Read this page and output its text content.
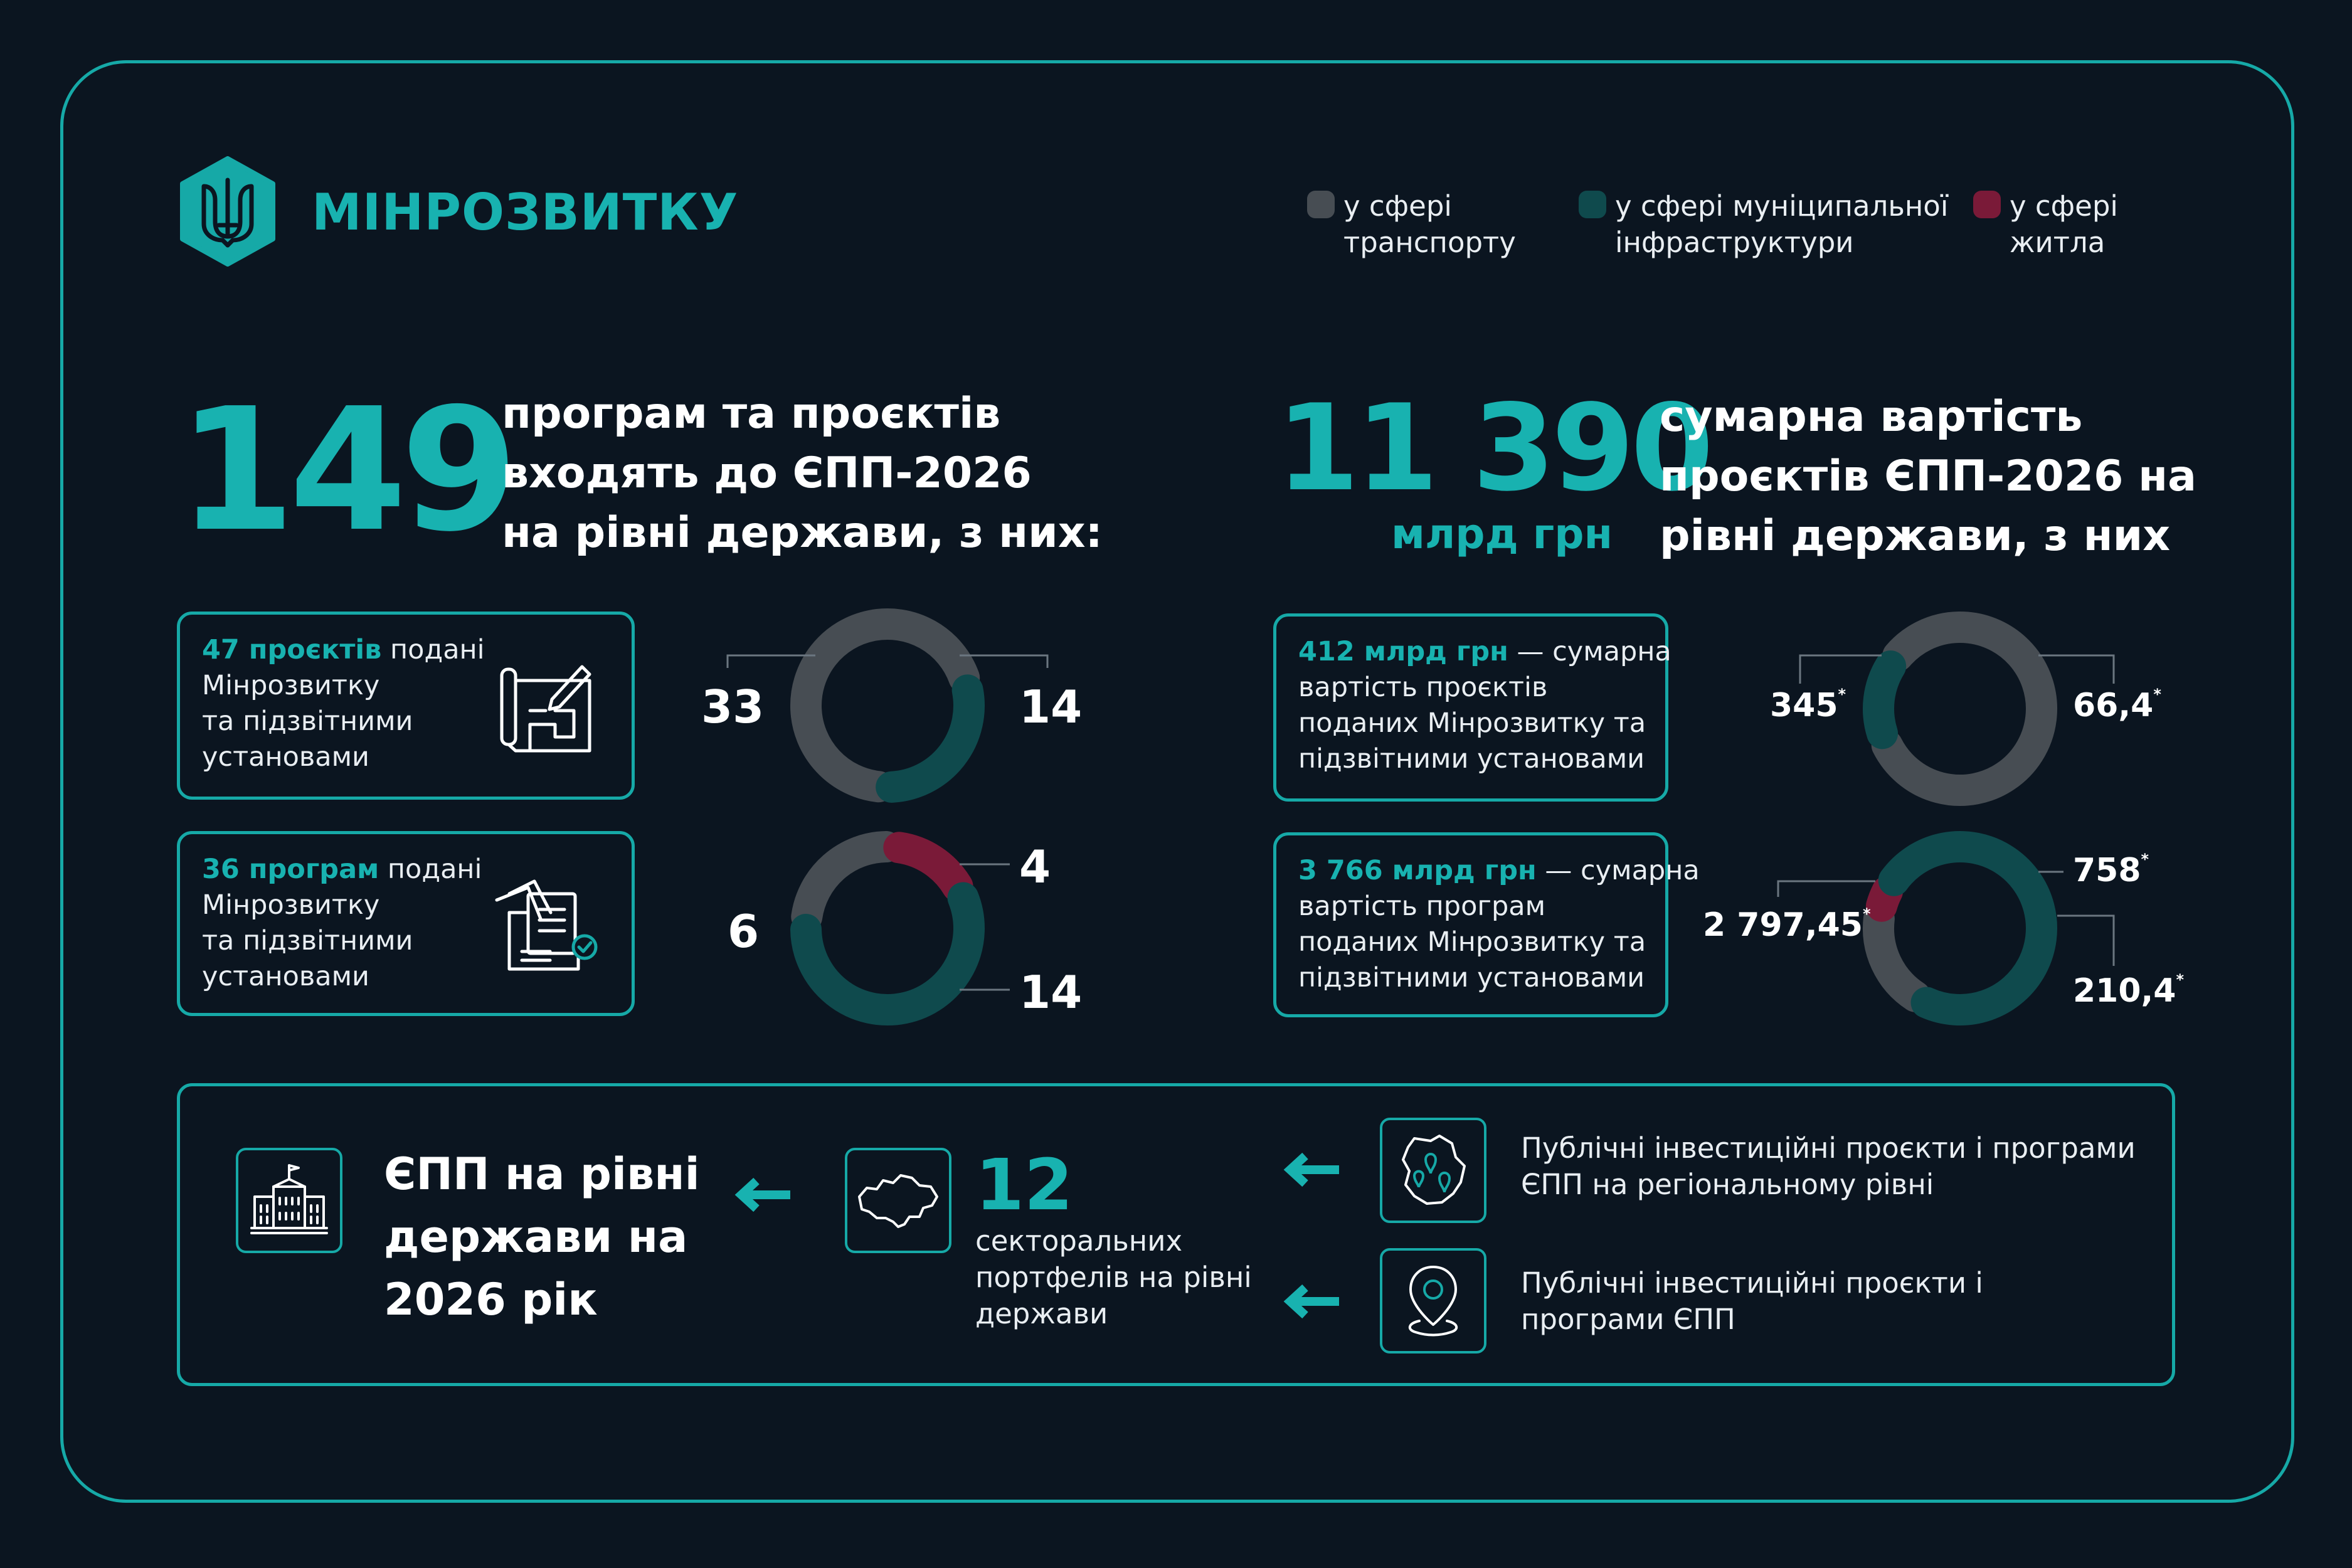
МІНРОЗВИТКУ	у сфері
транспорту
у сфері муніципальної
інфраструктури
у сфері
житла
149
програм та проєктів
входять до ЄПП-2026
на рівні держави, з них:
11 390
млрд грн
сумарна вартість
проєктів ЄПП-2026 на
рівні держави, з них
47 проєктів подані
Мінрозвитку
та підзвітними
установами
36 програм подані
Мінрозвитку
та підзвітними
установами
412 млрд грн — сумарна
вартість проєктів
поданих Мінрозвитку та
підзвітними установами
3 766 млрд грн — сумарна
вартість програм
поданих Мінрозвитку та
підзвітними установами
33	14
6
4
14
345*	66,4*
758*
210,4*
2 797,45*
ЄПП на рівні
держави на
2026 рік
12
секторальних
портфелів на рівні
держави
Публічні інвестиційні проєкти і програми
ЄПП на регіональному рівні
Публічні інвестиційні проєкти і
програми ЄПП
